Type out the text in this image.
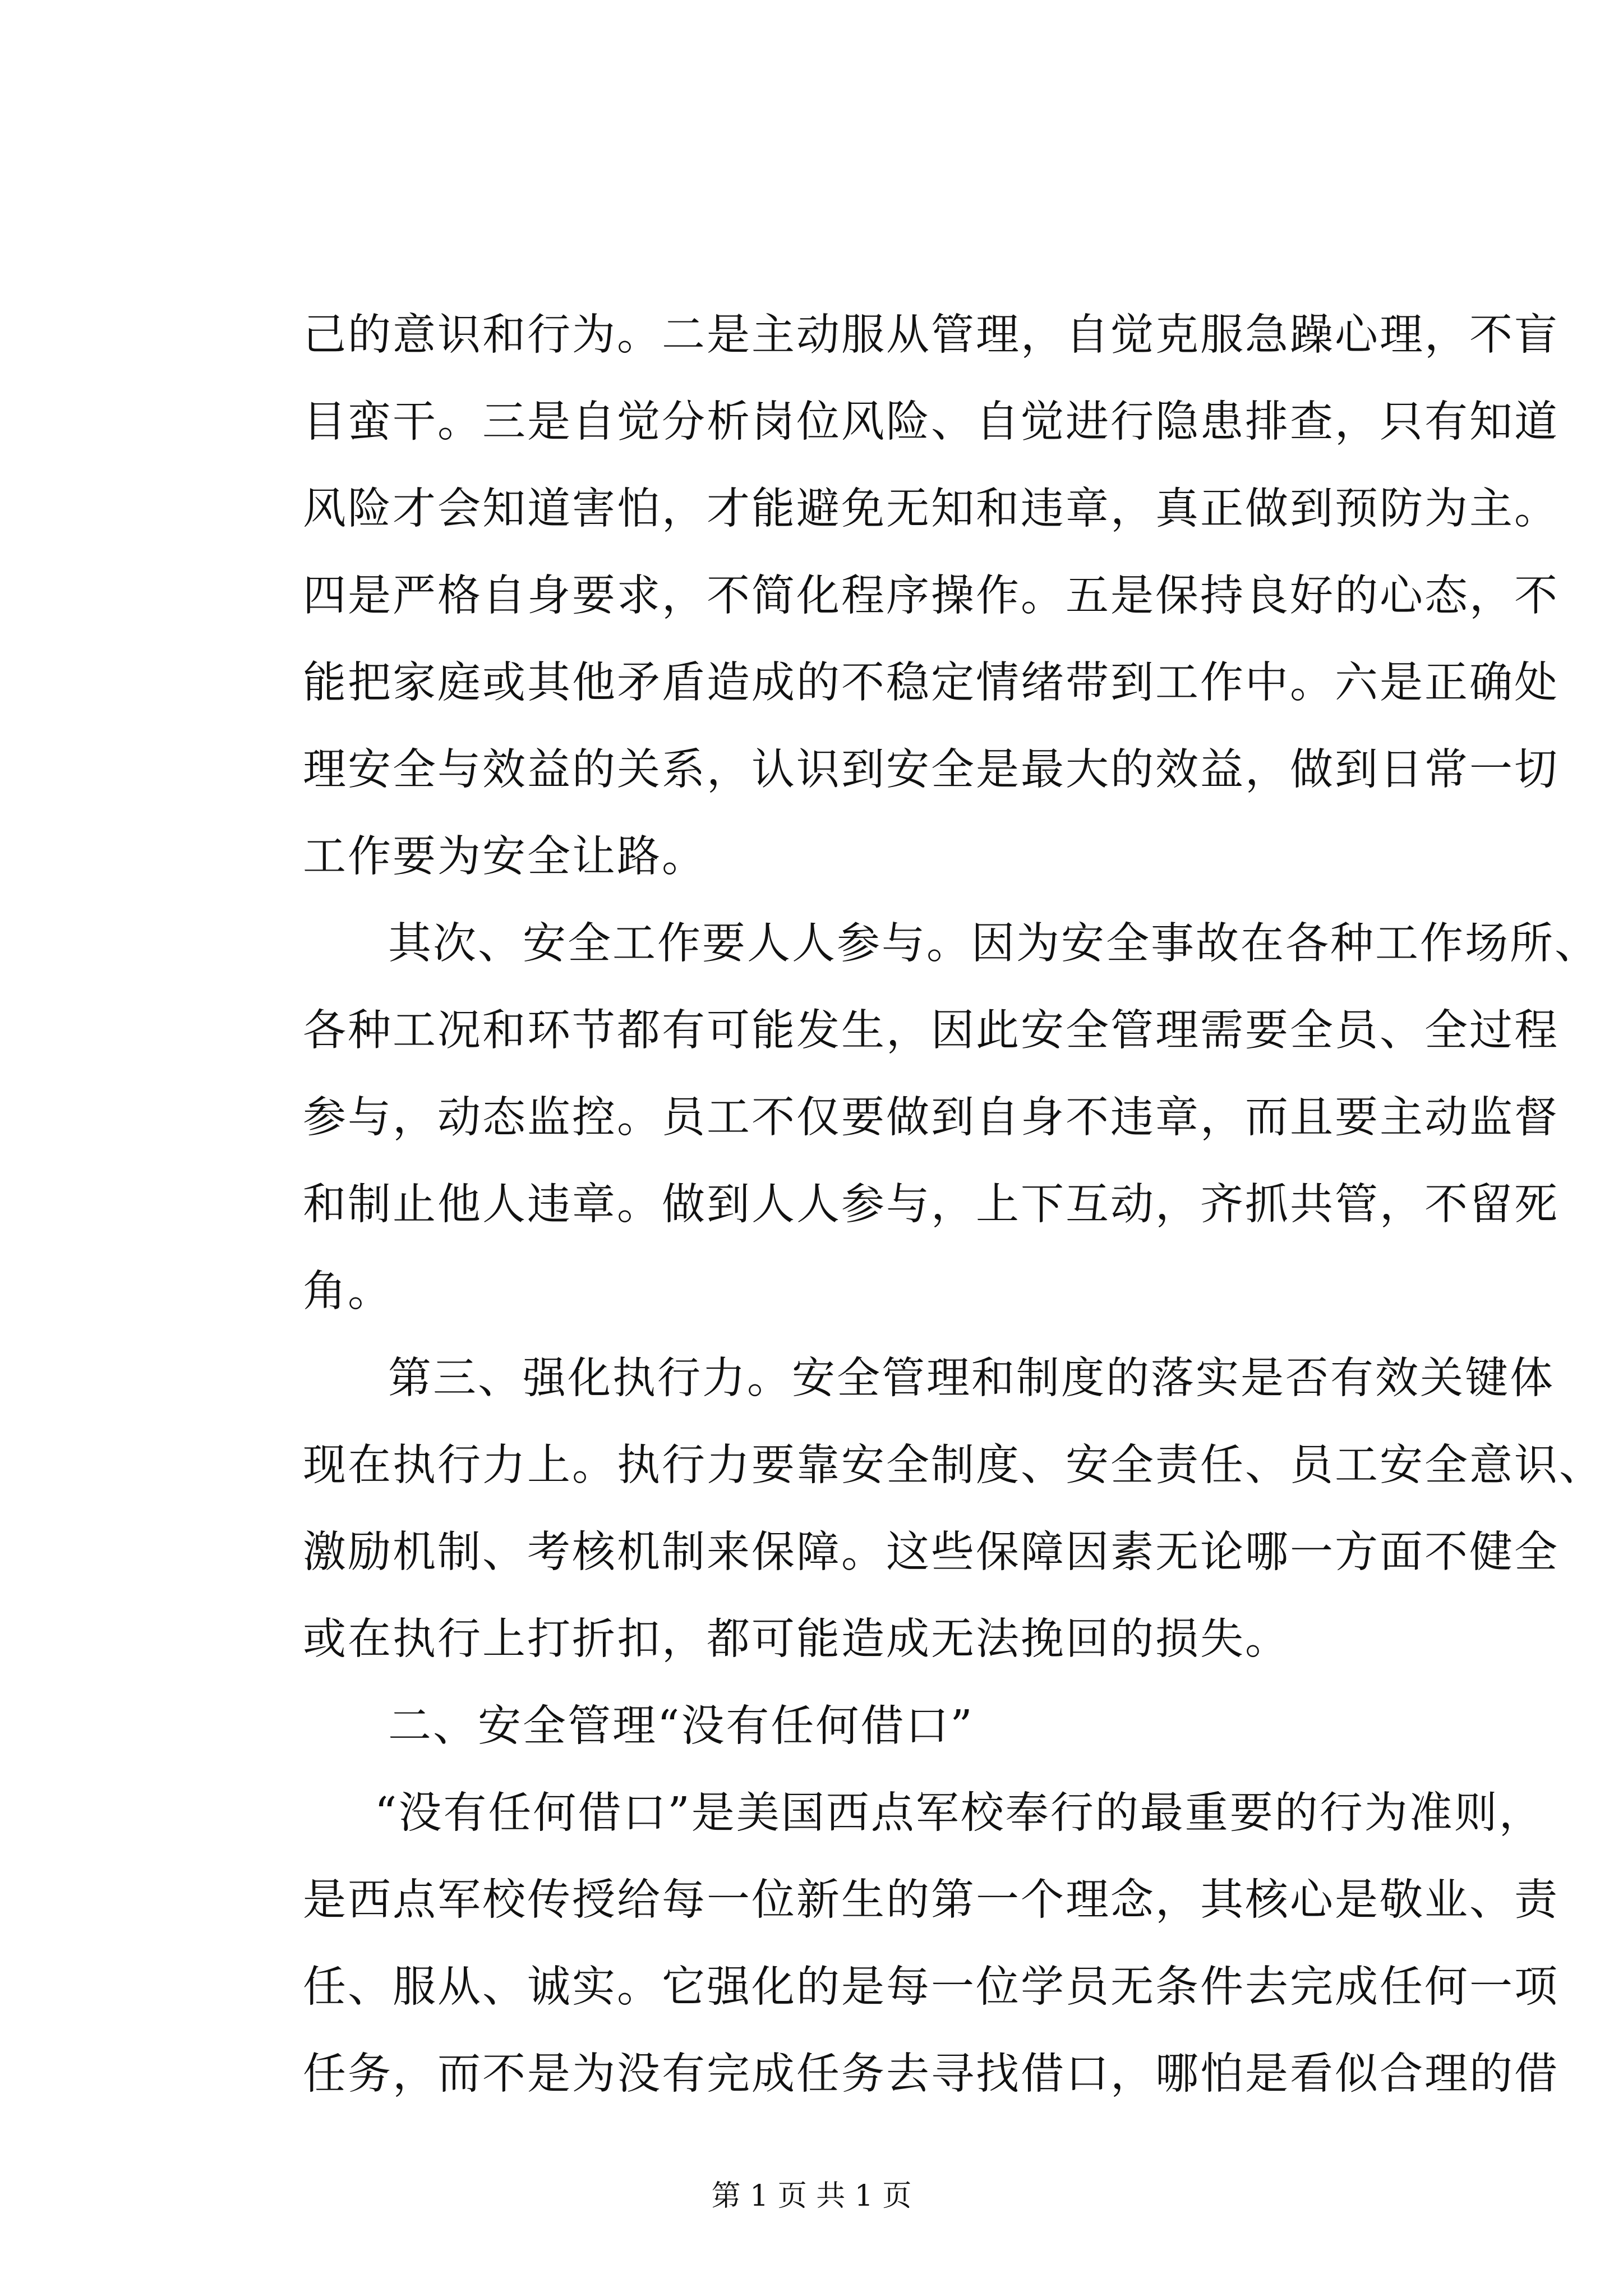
己的意识和行为。二是主动服从管理，自觉克服急躁心理，不盲
目蛮干。三是自觉分析岗位风险、自觉进行隐患排查，只有知道
风险才会知道害怕，才能避免无知和违章，真正做到预防为主。
四是严格自身要求，不简化程序操作。五是保持良好的心态，不
能把家庭或其他矛盾造成的不稳定情绪带到工作中。六是正确处
理安全与效益的关系，认识到安全是最大的效益，做到日常一切
工作要为安全让路。
其次、安全工作要人人参与。因为安全事故在各种工作场所、
各种工况和环节都有可能发生，因此安全管理需要全员、全过程
参与，动态监控。员工不仅要做到自身不违章，而且要主动监督
和制止他人违章。做到人人参与，上下互动，齐抓共管，不留死
角。
第三、强化执行力。安全管理和制度的落实是否有效关键体
现在执行力上。执行力要靠安全制度、安全责任、员工安全意识、
激励机制、考核机制来保障。这些保障因素无论哪一方面不健全
或在执行上打折扣，都可能造成无法挽回的损失。
二、安全管理“没有任何借口”
“没有任何借口”是美国西点军校奉行的最重要的行为准则，
是西点军校传授给每一位新生的第一个理念，其核心是敬业、责
任、服从、诚实。它强化的是每一位学员无条件去完成任何一项
任务，而不是为没有完成任务去寻找借口，哪怕是看似合理的借
第 1 页 共 1 页
